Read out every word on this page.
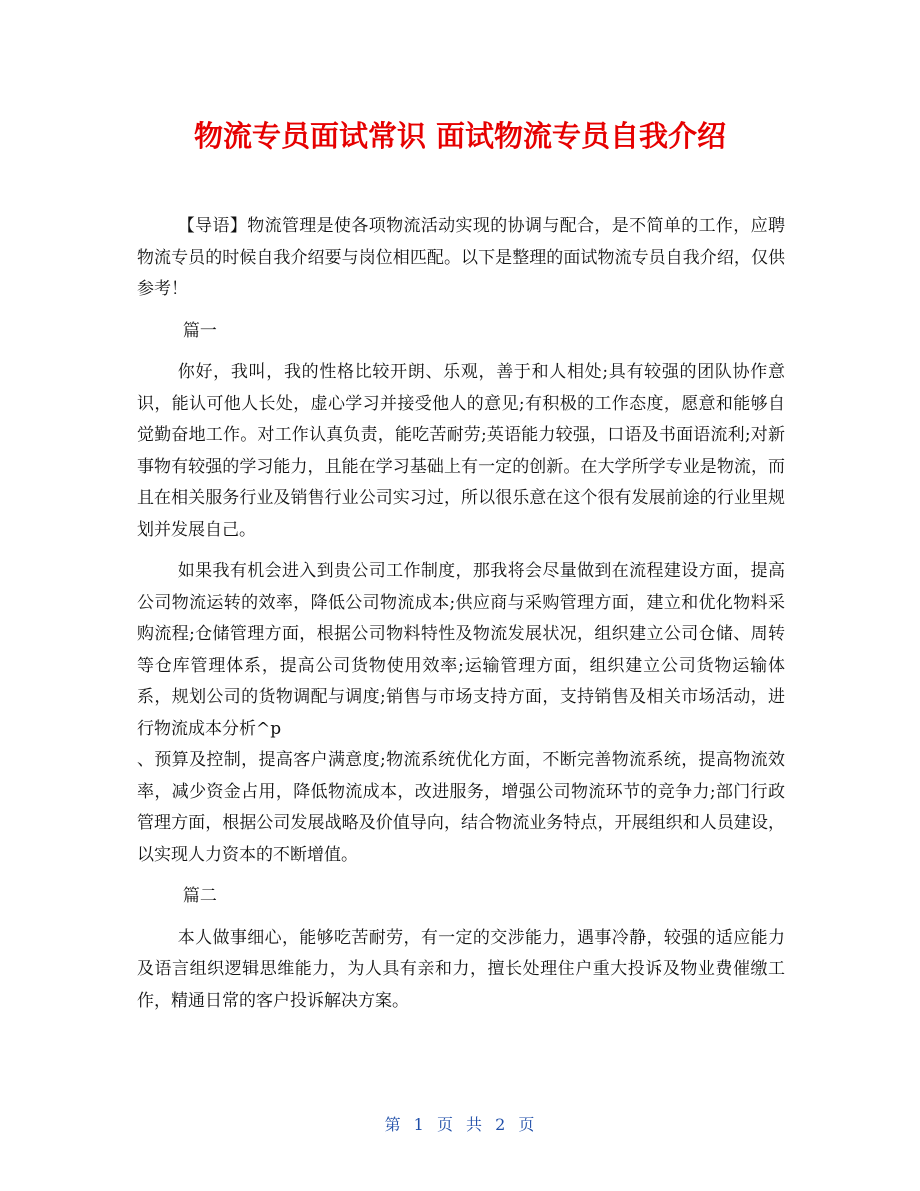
物流专员面试常识 面试物流专员自我介绍

【导语】物流管理是使各项物流活动实现的协调与配合，是不简单的工作，应聘物流专员的时候自我介绍要与岗位相匹配。以下是整理的面试物流专员自我介绍，仅供参考！

篇一

你好，我叫，我的性格比较开朗、乐观，善于和人相处;具有较强的团队协作意识，能认可他人长处，虚心学习并接受他人的意见;有积极的工作态度，愿意和能够自觉勤奋地工作。对工作认真负责，能吃苦耐劳;英语能力较强，口语及书面语流利;对新事物有较强的学习能力，且能在学习基础上有一定的创新。在大学所学专业是物流，而且在相关服务行业及销售行业公司实习过，所以很乐意在这个很有发展前途的行业里规划并发展自己。

如果我有机会进入到贵公司工作制度，那我将会尽量做到在流程建设方面，提高公司物流运转的效率，降低公司物流成本;供应商与采购管理方面，建立和优化物料采购流程;仓储管理方面，根据公司物料特性及物流发展状况，组织建立公司仓储、周转等仓库管理体系，提高公司货物使用效率;运输管理方面，组织建立公司货物运输体系，规划公司的货物调配与调度;销售与市场支持方面，支持销售及相关市场活动，进行物流成本分析^p

、预算及控制，提高客户满意度;物流系统优化方面，不断完善物流系统，提高物流效率，减少资金占用，降低物流成本，改进服务，增强公司物流环节的竞争力;部门行政管理方面，根据公司发展战略及价值导向，结合物流业务特点，开展组织和人员建设，以实现人力资本的不断增值。

篇二

本人做事细心，能够吃苦耐劳，有一定的交涉能力，遇事冷静，较强的适应能力及语言组织逻辑思维能力，为人具有亲和力，擅长处理住户重大投诉及物业费催缴工作，精通日常的客户投诉解决方案。

第 1 页 共 2 页
